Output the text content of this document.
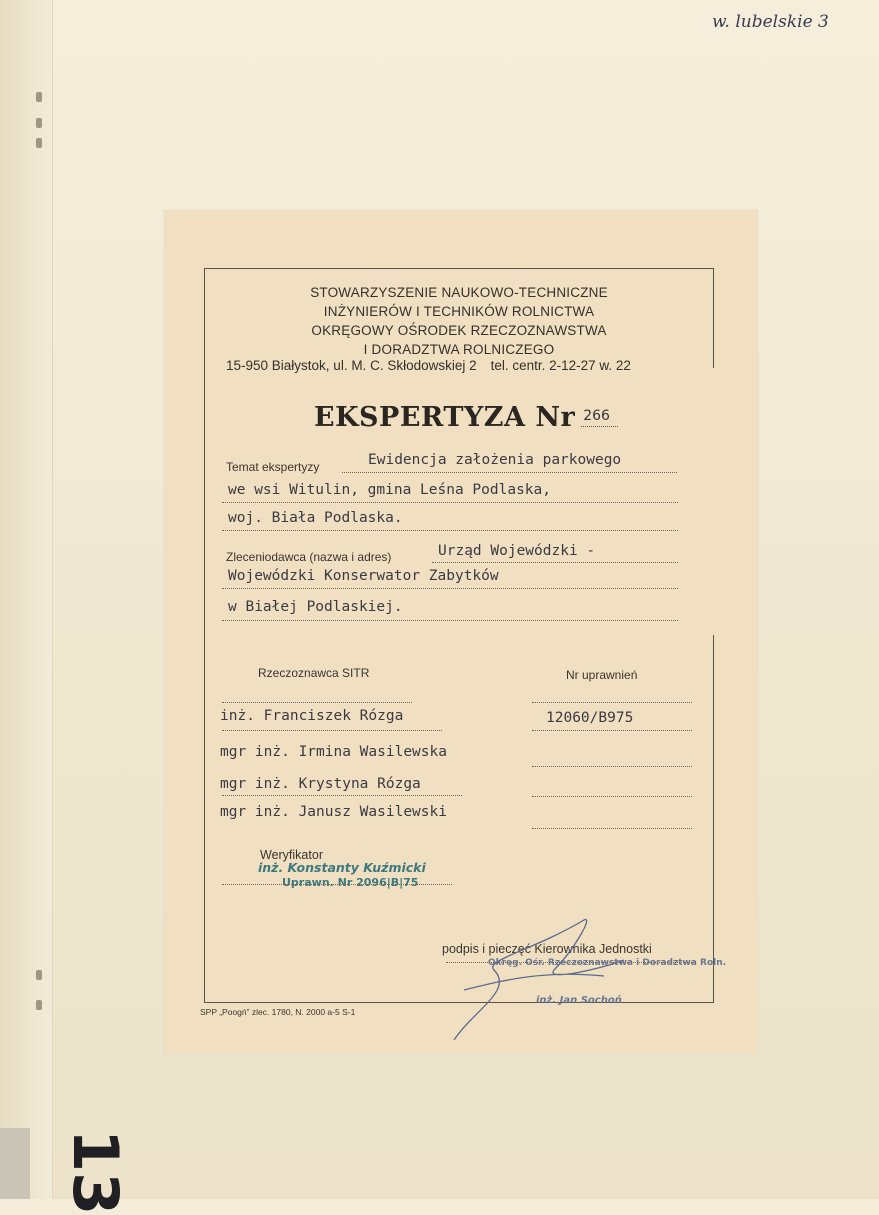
13
w. lubelskie 3
STOWARZYSZENIE NAUKOWO-TECHNICZNE
INŻYNIERÓW I TECHNIKÓW ROLNICTWA
OKRĘGOWY OŚRODEK RZECZOZNAWSTWA
I DORADZTWA ROLNICZEGO
15-950 Białystok, ul. M. C. Skłodowskiej 2 tel. centr. 2-12-27 w. 22
EKSPERTYZA Nr 266
Temat ekspertyzy	Ewidencja założenia parkowego
we wsi Witulin, gmina Leśna Podlaska,
woj. Biała Podlaska.
Zleceniodawca (nazwa i adres)	Urząd Wojewódzki -
Wojewódzki Konserwator Zabytków
w Białej Podlaskiej.
Rzeczoznawca SITR	Nr uprawnień
inż. Franciszek Rózga	12060/B975
mgr inż. Irmina Wasilewska
mgr inż. Krystyna Rózga
mgr inż. Janusz Wasilewski
Weryfikator
inż. Konstanty Kuźmicki
Uprawn. Nr 2096|B|75
podpis i pieczęć Kierownika Jednostki
Okręg. Ośr. Rzeczoznawstwa i Doradztwa Roln.
inż. Jan Sochoń
SPP „Poogń” zlec. 1780, N. 2000 a-5 S-1
